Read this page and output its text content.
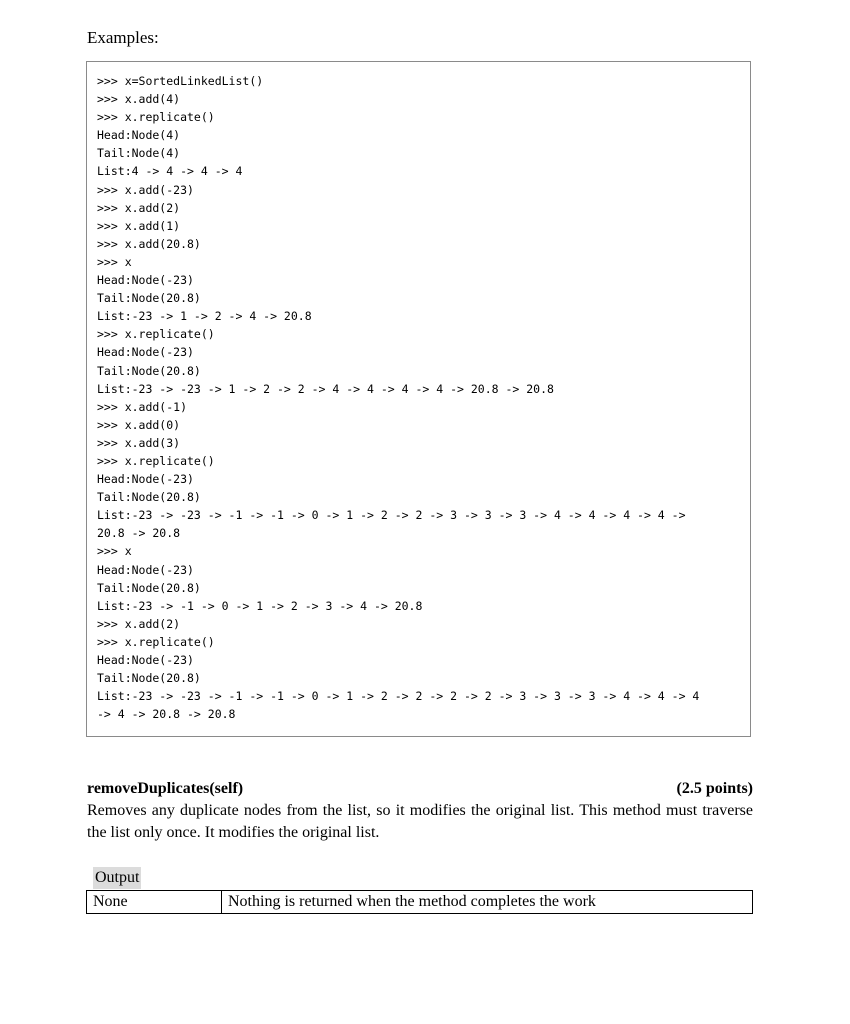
Examples:
>>> x=SortedLinkedList()
>>> x.add(4)
>>> x.replicate()
Head:Node(4)
Tail:Node(4)
List:4 -> 4 -> 4 -> 4
>>> x.add(-23)
>>> x.add(2)
>>> x.add(1)
>>> x.add(20.8)
>>> x
Head:Node(-23)
Tail:Node(20.8)
List:-23 -> 1 -> 2 -> 4 -> 20.8
>>> x.replicate()
Head:Node(-23)
Tail:Node(20.8)
List:-23 -> -23 -> 1 -> 2 -> 2 -> 4 -> 4 -> 4 -> 4 -> 20.8 -> 20.8
>>> x.add(-1)
>>> x.add(0)
>>> x.add(3)
>>> x.replicate()
Head:Node(-23)
Tail:Node(20.8)
List:-23 -> -23 -> -1 -> -1 -> 0 -> 1 -> 2 -> 2 -> 3 -> 3 -> 3 -> 4 -> 4 -> 4 -> 4 ->
20.8 -> 20.8
>>> x
Head:Node(-23)
Tail:Node(20.8)
List:-23 -> -1 -> 0 -> 1 -> 2 -> 3 -> 4 -> 20.8
>>> x.add(2)
>>> x.replicate()
Head:Node(-23)
Tail:Node(20.8)
List:-23 -> -23 -> -1 -> -1 -> 0 -> 1 -> 2 -> 2 -> 2 -> 2 -> 3 -> 3 -> 3 -> 4 -> 4 -> 4
-> 4 -> 20.8 -> 20.8
removeDuplicates(self)	(2.5 points)
Removes any duplicate nodes from the list, so it modifies the original list. This method must traverse the list only once. It modifies the original list.
Output
None	Nothing is returned when the method completes the work
